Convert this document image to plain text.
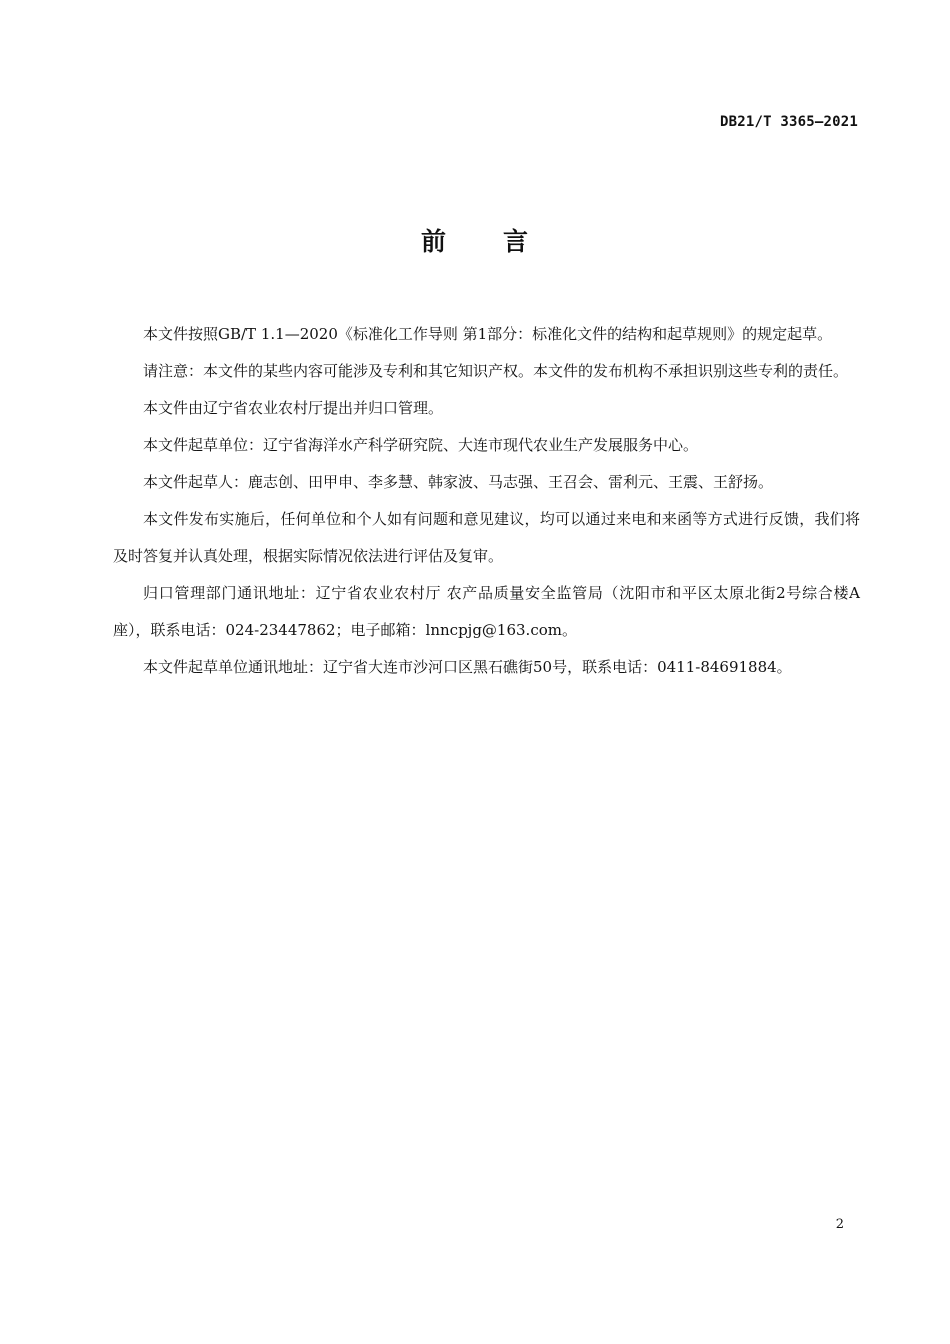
DB21/T 3365—2021
前 言

本文件按照GB/T 1.1—2020《标准化工作导则 第1部分：标准化文件的结构和起草规则》的规定起草。

请注意：本文件的某些内容可能涉及专利和其它知识产权。本文件的发布机构不承担识别这些专利的责任。

本文件由辽宁省农业农村厅提出并归口管理。

本文件起草单位：辽宁省海洋水产科学研究院、大连市现代农业生产发展服务中心。

本文件起草人：鹿志创、田甲申、李多慧、韩家波、马志强、王召会、雷利元、王震、王舒扬。

本文件发布实施后，任何单位和个人如有问题和意见建议，均可以通过来电和来函等方式进行反馈，我们将及时答复并认真处理，根据实际情况依法进行评估及复审。

归口管理部门通讯地址：辽宁省农业农村厅 农产品质量安全监管局（沈阳市和平区太原北街2号综合楼A座），联系电话：024-23447862；电子邮箱：lnncpjg@163.com。

本文件起草单位通讯地址：辽宁省大连市沙河口区黑石礁街50号，联系电话：0411-84691884。

2
